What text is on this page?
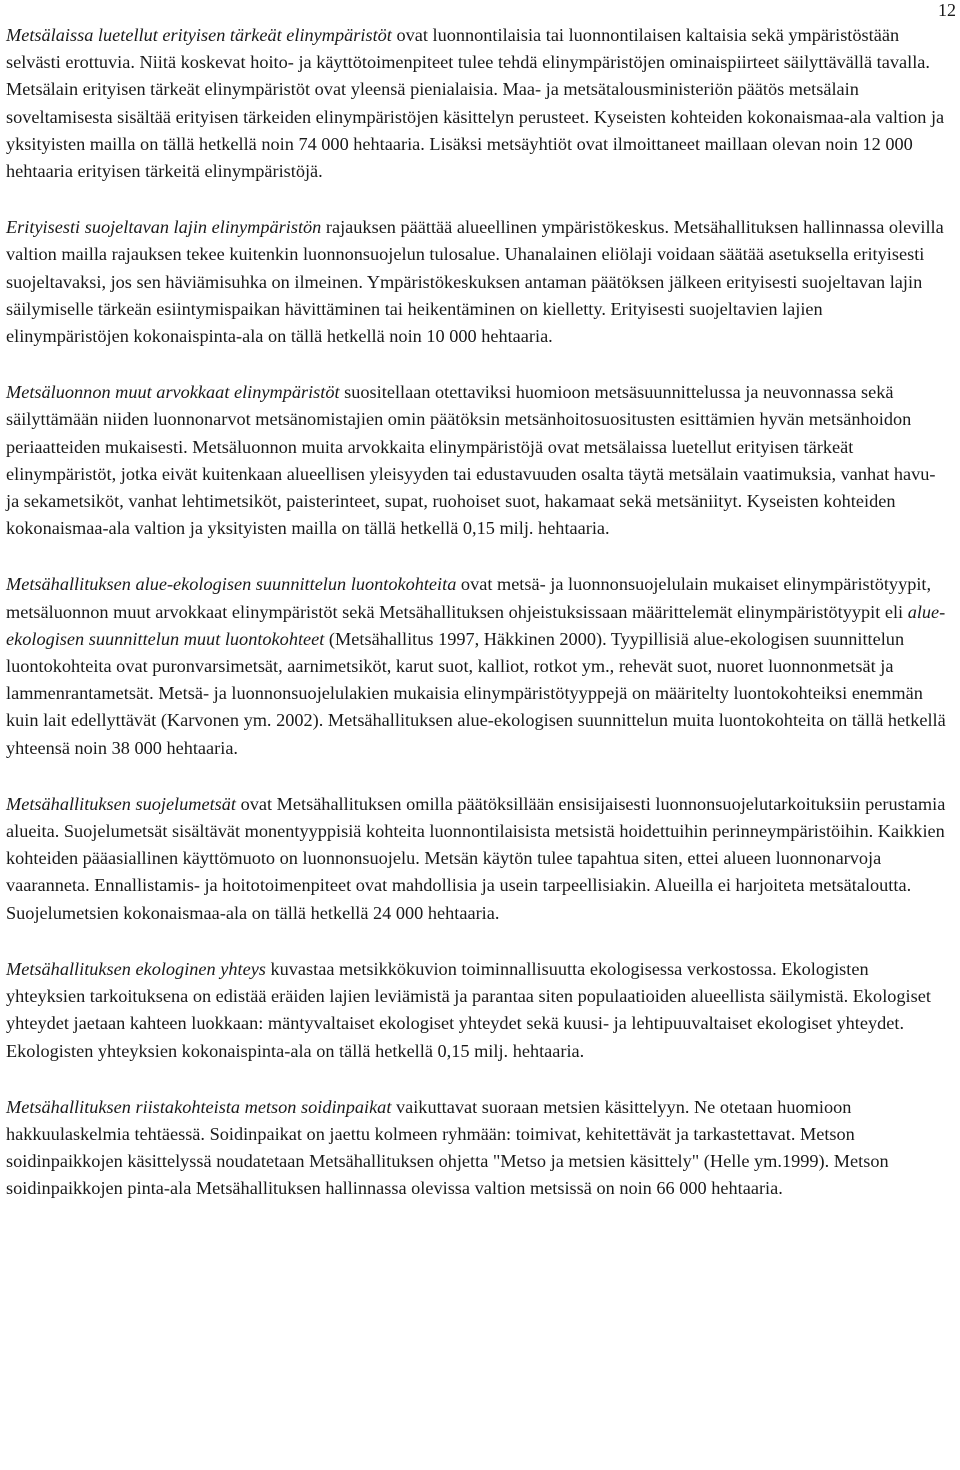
12

Metsälaissa luetellut erityisen tärkeät elinympäristöt ovat luonnontilaisia tai luonnontilaisen kaltaisia sekä ympäristöstään selvästi erottuvia. Niitä koskevat hoito- ja käyttötoimenpiteet tulee tehdä elinympäristöjen ominaispiirteet säilyttävällä tavalla. Metsälain erityisen tärkeät elinympäristöt ovat yleensä pienialaisia. Maa- ja metsätalousministeriön päätös metsälain soveltamisesta sisältää erityisen tärkeiden elinympäristöjen käsittelyn perusteet. Kyseisten kohteiden kokonaismaa-ala valtion ja yksityisten mailla on tällä hetkellä noin 74 000 hehtaaria. Lisäksi metsäyhtiöt ovat ilmoittaneet maillaan olevan noin 12 000 hehtaaria erityisen tärkeitä elinympäristöjä.

Erityisesti suojeltavan lajin elinympäristön rajauksen päättää alueellinen ympäristökeskus. Metsähallituksen hallinnassa olevilla valtion mailla rajauksen tekee kuitenkin luonnonsuojelun tulosalue. Uhanalainen eliölaji voidaan säätää asetuksella erityisesti suojeltavaksi, jos sen häviämisuhka on ilmeinen. Ympäristökeskuksen antaman päätöksen jälkeen erityisesti suojeltavan lajin säilymiselle tärkeän esiintymispaikan hävittäminen tai heikentäminen on kielletty. Erityisesti suojeltavien lajien elinympäristöjen kokonaispinta-ala on tällä hetkellä noin 10 000 hehtaaria.

Metsäluonnon muut arvokkaat elinympäristöt suositellaan otettaviksi huomioon metsäsuunnittelussa ja neuvonnassa sekä säilyttämään niiden luonnonarvot metsänomistajien omin päätöksin metsänhoitosuositusten esittämien hyvän metsänhoidon periaatteiden mukaisesti. Metsäluonnon muita arvokkaita elinympäristöjä ovat metsälaissa luetellut erityisen tärkeät elinympäristöt, jotka eivät kuitenkaan alueellisen yleisyyden tai edustavuuden osalta täytä metsälain vaatimuksia, vanhat havu- ja sekametsiköt, vanhat lehtimetsiköt, paisterinteet, supat, ruohoiset suot, hakamaat sekä metsäniityt. Kyseisten kohteiden kokonaismaa-ala valtion ja yksityisten mailla on tällä hetkellä 0,15 milj. hehtaaria.

Metsähallituksen alue-ekologisen suunnittelun luontokohteita ovat metsä- ja luonnonsuojelulain mukaiset elinympäristötyypit, metsäluonnon muut arvokkaat elinympäristöt sekä Metsähallituksen ohjeistuksissaan määrittelemät elinympäristötyypit eli alue-ekologisen suunnittelun muut luontokohteet (Metsähallitus 1997, Häkkinen 2000). Tyypillisiä alue-ekologisen suunnittelun luontokohteita ovat puronvarsimetsät, aarnimetsiköt, karut suot, kalliot, rotkot ym., rehevät suot, nuoret luonnonmetsät ja lammenrantametsät. Metsä- ja luonnonsuojelulakien mukaisia elinympäristötyyppejä on määritelty luontokohteiksi enemmän kuin lait edellyttävät (Karvonen ym. 2002). Metsähallituksen alue-ekologisen suunnittelun muita luontokohteita on tällä hetkellä yhteensä noin 38 000 hehtaaria.

Metsähallituksen suojelumetsät ovat Metsähallituksen omilla päätöksillään ensisijaisesti luonnonsuojelutarkoituksiin perustamia alueita. Suojelumetsät sisältävät monentyyppisiä kohteita luonnontilaisista metsistä hoidettuihin perinneympäristöihin. Kaikkien kohteiden pääasiallinen käyttömuoto on luonnonsuojelu. Metsän käytön tulee tapahtua siten, ettei alueen luonnonarvoja vaaranneta. Ennallistamis- ja hoitotoimenpiteet ovat mahdollisia ja usein tarpeellisiakin. Alueilla ei harjoiteta metsätaloutta. Suojelumetsien kokonaismaa-ala on tällä hetkellä 24 000 hehtaaria.

Metsähallituksen ekologinen yhteys kuvastaa metsikkökuvion toiminnallisuutta ekologisessa verkostossa. Ekologisten yhteyksien tarkoituksena on edistää eräiden lajien leviämistä ja parantaa siten populaatioiden alueellista säilymistä. Ekologiset yhteydet jaetaan kahteen luokkaan: mäntyvaltaiset ekologiset yhteydet sekä kuusi- ja lehtipuuvaltaiset ekologiset yhteydet. Ekologisten yhteyksien kokonaispinta-ala on tällä hetkellä 0,15 milj. hehtaaria.

Metsähallituksen riistakohteista metson soidinpaikat vaikuttavat suoraan metsien käsittelyyn. Ne otetaan huomioon hakkuulaskelmia tehtäessä. Soidinpaikat on jaettu kolmeen ryhmään: toimivat, kehitettävät ja tarkastettavat. Metson soidinpaikkojen käsittelyssä noudatetaan Metsähallituksen ohjetta "Metso ja metsien käsittely" (Helle ym.1999). Metson soidinpaikkojen pinta-ala Metsähallituksen hallinnassa olevissa valtion metsissä on noin 66 000 hehtaaria.
